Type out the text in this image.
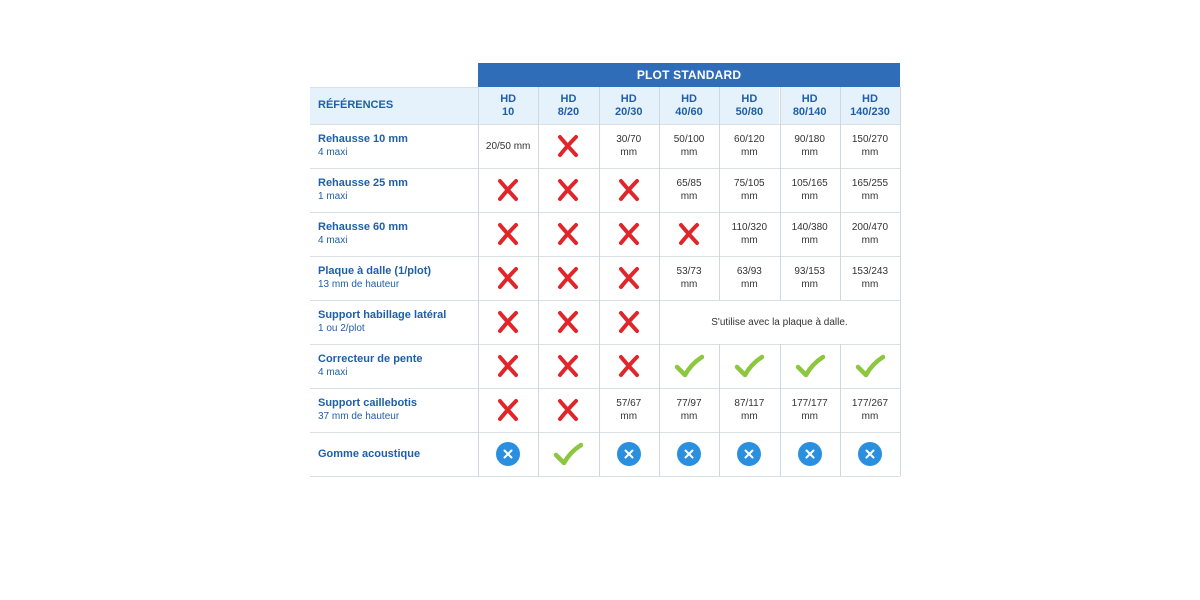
PLOT STANDARD
RÉFÉRENCES
HD
10
HD
8/20
HD
20/30
HD
40/60
HD
50/80
HD
80/140
HD
140/230
Rehausse 10 mm
4 maxi
20/50 mm
30/70
mm
50/100
mm
60/120
mm
90/180
mm
150/270
mm
Rehausse 25 mm
1 maxi
65/85
mm
75/105
mm
105/165
mm
165/255
mm
Rehausse 60 mm
4 maxi
110/320
mm
140/380
mm
200/470
mm
Plaque à dalle (1/plot)
13 mm de hauteur
53/73
mm
63/93
mm
93/153
mm
153/243
mm
Support habillage latéral
1 ou 2/plot
S'utilise avec la plaque à dalle.
Correcteur de pente
4 maxi
Support caillebotis
37 mm de hauteur
57/67
mm
77/97
mm
87/117
mm
177/177
mm
177/267
mm
Gomme acoustique
